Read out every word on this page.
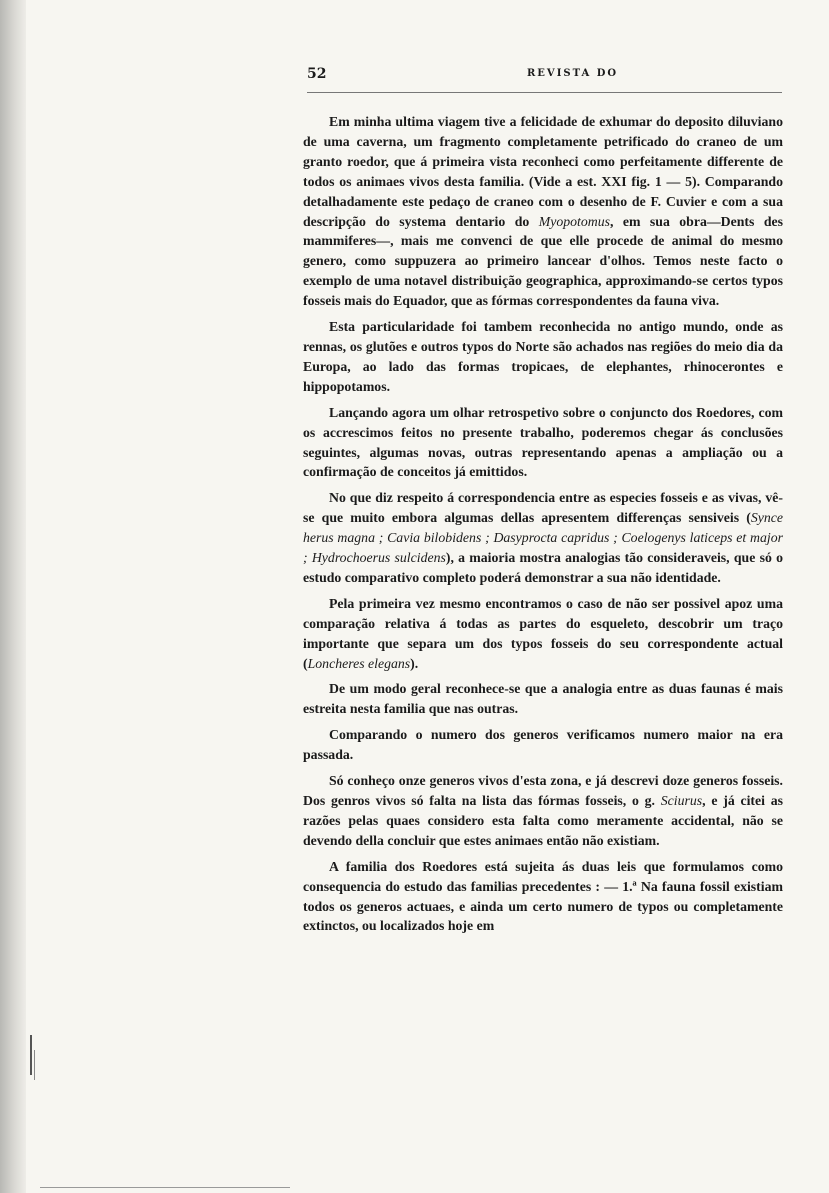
52	REVISTA DO

Em minha ultima viagem tive a felicidade de exhumar do deposito diluviano de uma caverna, um fragmento completamente petrificado do craneo de um granto roedor, que á primeira vista reconheci como perfeitamente differente de todos os animaes vivos desta familia. (Vide a est. XXI fig. 1 — 5). Comparando detalhadamente este pedaço de craneo com o desenho de F. Cuvier e com a sua descripção do systema dentario do Myopotomus, em sua obra—Dents des mammiferes—, mais me convenci de que elle procede de animal do mesmo genero, como suppuzera ao primeiro lancear d'olhos. Temos neste facto o exemplo de uma notavel distribuição geographica, approximando-se certos typos fosseis mais do Equador, que as fórmas correspondentes da fauna viva.

Esta particularidade foi tambem reconhecida no antigo mundo, onde as rennas, os glutões e outros typos do Norte são achados nas regiões do meio dia da Europa, ao lado das formas tropicaes, de elephantes, rhinocerontes e hippopotamos.

Lançando agora um olhar retrospetivo sobre o conjuncto dos Roedores, com os accrescimos feitos no presente trabalho, poderemos chegar ás conclusões seguintes, algumas novas, outras representando apenas a ampliação ou a confirmação de conceitos já emittidos.

No que diz respeito á correspondencia entre as especies fosseis e as vivas, vê-se que muito embora algumas dellas apresentem differenças sensiveis (Synce herus magna ; Cavia bilobidens ; Dasyprocta capridus ; Coelogenys laticeps et major ; Hydrochoerus sulcidens), a maioria mostra analogias tão consideraveis, que só o estudo comparativo completo poderá demonstrar a sua não identidade.

Pela primeira vez mesmo encontramos o caso de não ser possivel apoz uma comparação relativa á todas as partes do esqueleto, descobrir um traço importante que separa um dos typos fosseis do seu correspondente actual (Loncheres elegans).

De um modo geral reconhece-se que a analogia entre as duas faunas é mais estreita nesta familia que nas outras.

Comparando o numero dos generos verificamos numero maior na era passada.

Só conheço onze generos vivos d'esta zona, e já descrevi doze generos fosseis. Dos genros vivos só falta na lista das fórmas fosseis, o g. Sciurus, e já citei as razões pelas quaes considero esta falta como meramente accidental, não se devendo della concluir que estes animaes então não existiam.

A familia dos Roedores está sujeita ás duas leis que formulamos como consequencia do estudo das familias precedentes : — 1.ª Na fauna fossil existiam todos os generos actuaes, e ainda um certo numero de typos ou completamente extinctos, ou localizados hoje em
